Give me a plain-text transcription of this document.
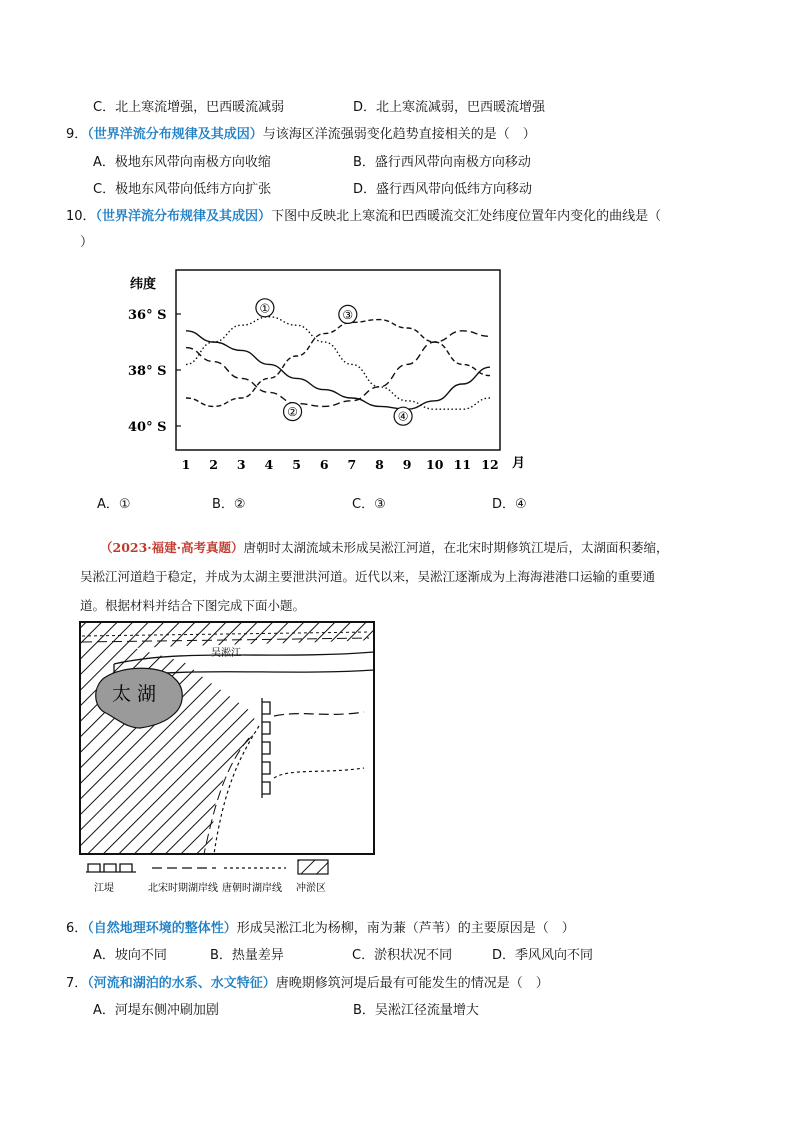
C．北上寒流增强，巴西暖流减弱	D．北上寒流减弱，巴西暖流增强
9．（世界洋流分布规律及其成因）与该海区洋流强弱变化趋势直接相关的是（　）
A．极地东风带向南极方向收缩	B．盛行西风带向南极方向移动
C．极地东风带向低纬方向扩张	D．盛行西风带向低纬方向移动
10．（世界洋流分布规律及其成因）下图中反映北上寒流和巴西暖流交汇处纬度位置年内变化的曲线是（
）
纬度
月
36° S
38° S
40° S
1 2 3 4 5 6 7 8 9 10 11 12
①
②
③
④
A．①	B．②	C．③	D．④
（2023·福建·高考真题）唐朝时太湖流域未形成吴淞江河道，在北宋时期修筑江堤后，太湖面积萎缩，
吴淞江河道趋于稳定，并成为太湖主要泄洪河道。近代以来，吴淞江逐渐成为上海海港港口运输的重要通
道。根据材料并结合下图完成下面小题。
吴淞江
太 湖
江堤	北宋时期湖岸线 唐朝时湖岸线 冲淤区
6．（自然地理环境的整体性）形成吴淞江北为杨柳，南为蒹（芦苇）的主要原因是（　）
A．坡向不同	B．热量差异	C．淤积状况不同	D．季风风向不同
7．（河流和湖泊的水系、水文特征）唐晚期修筑河堤后最有可能发生的情况是（　）
A．河堤东侧冲刷加剧	B．吴淞江径流量增大
